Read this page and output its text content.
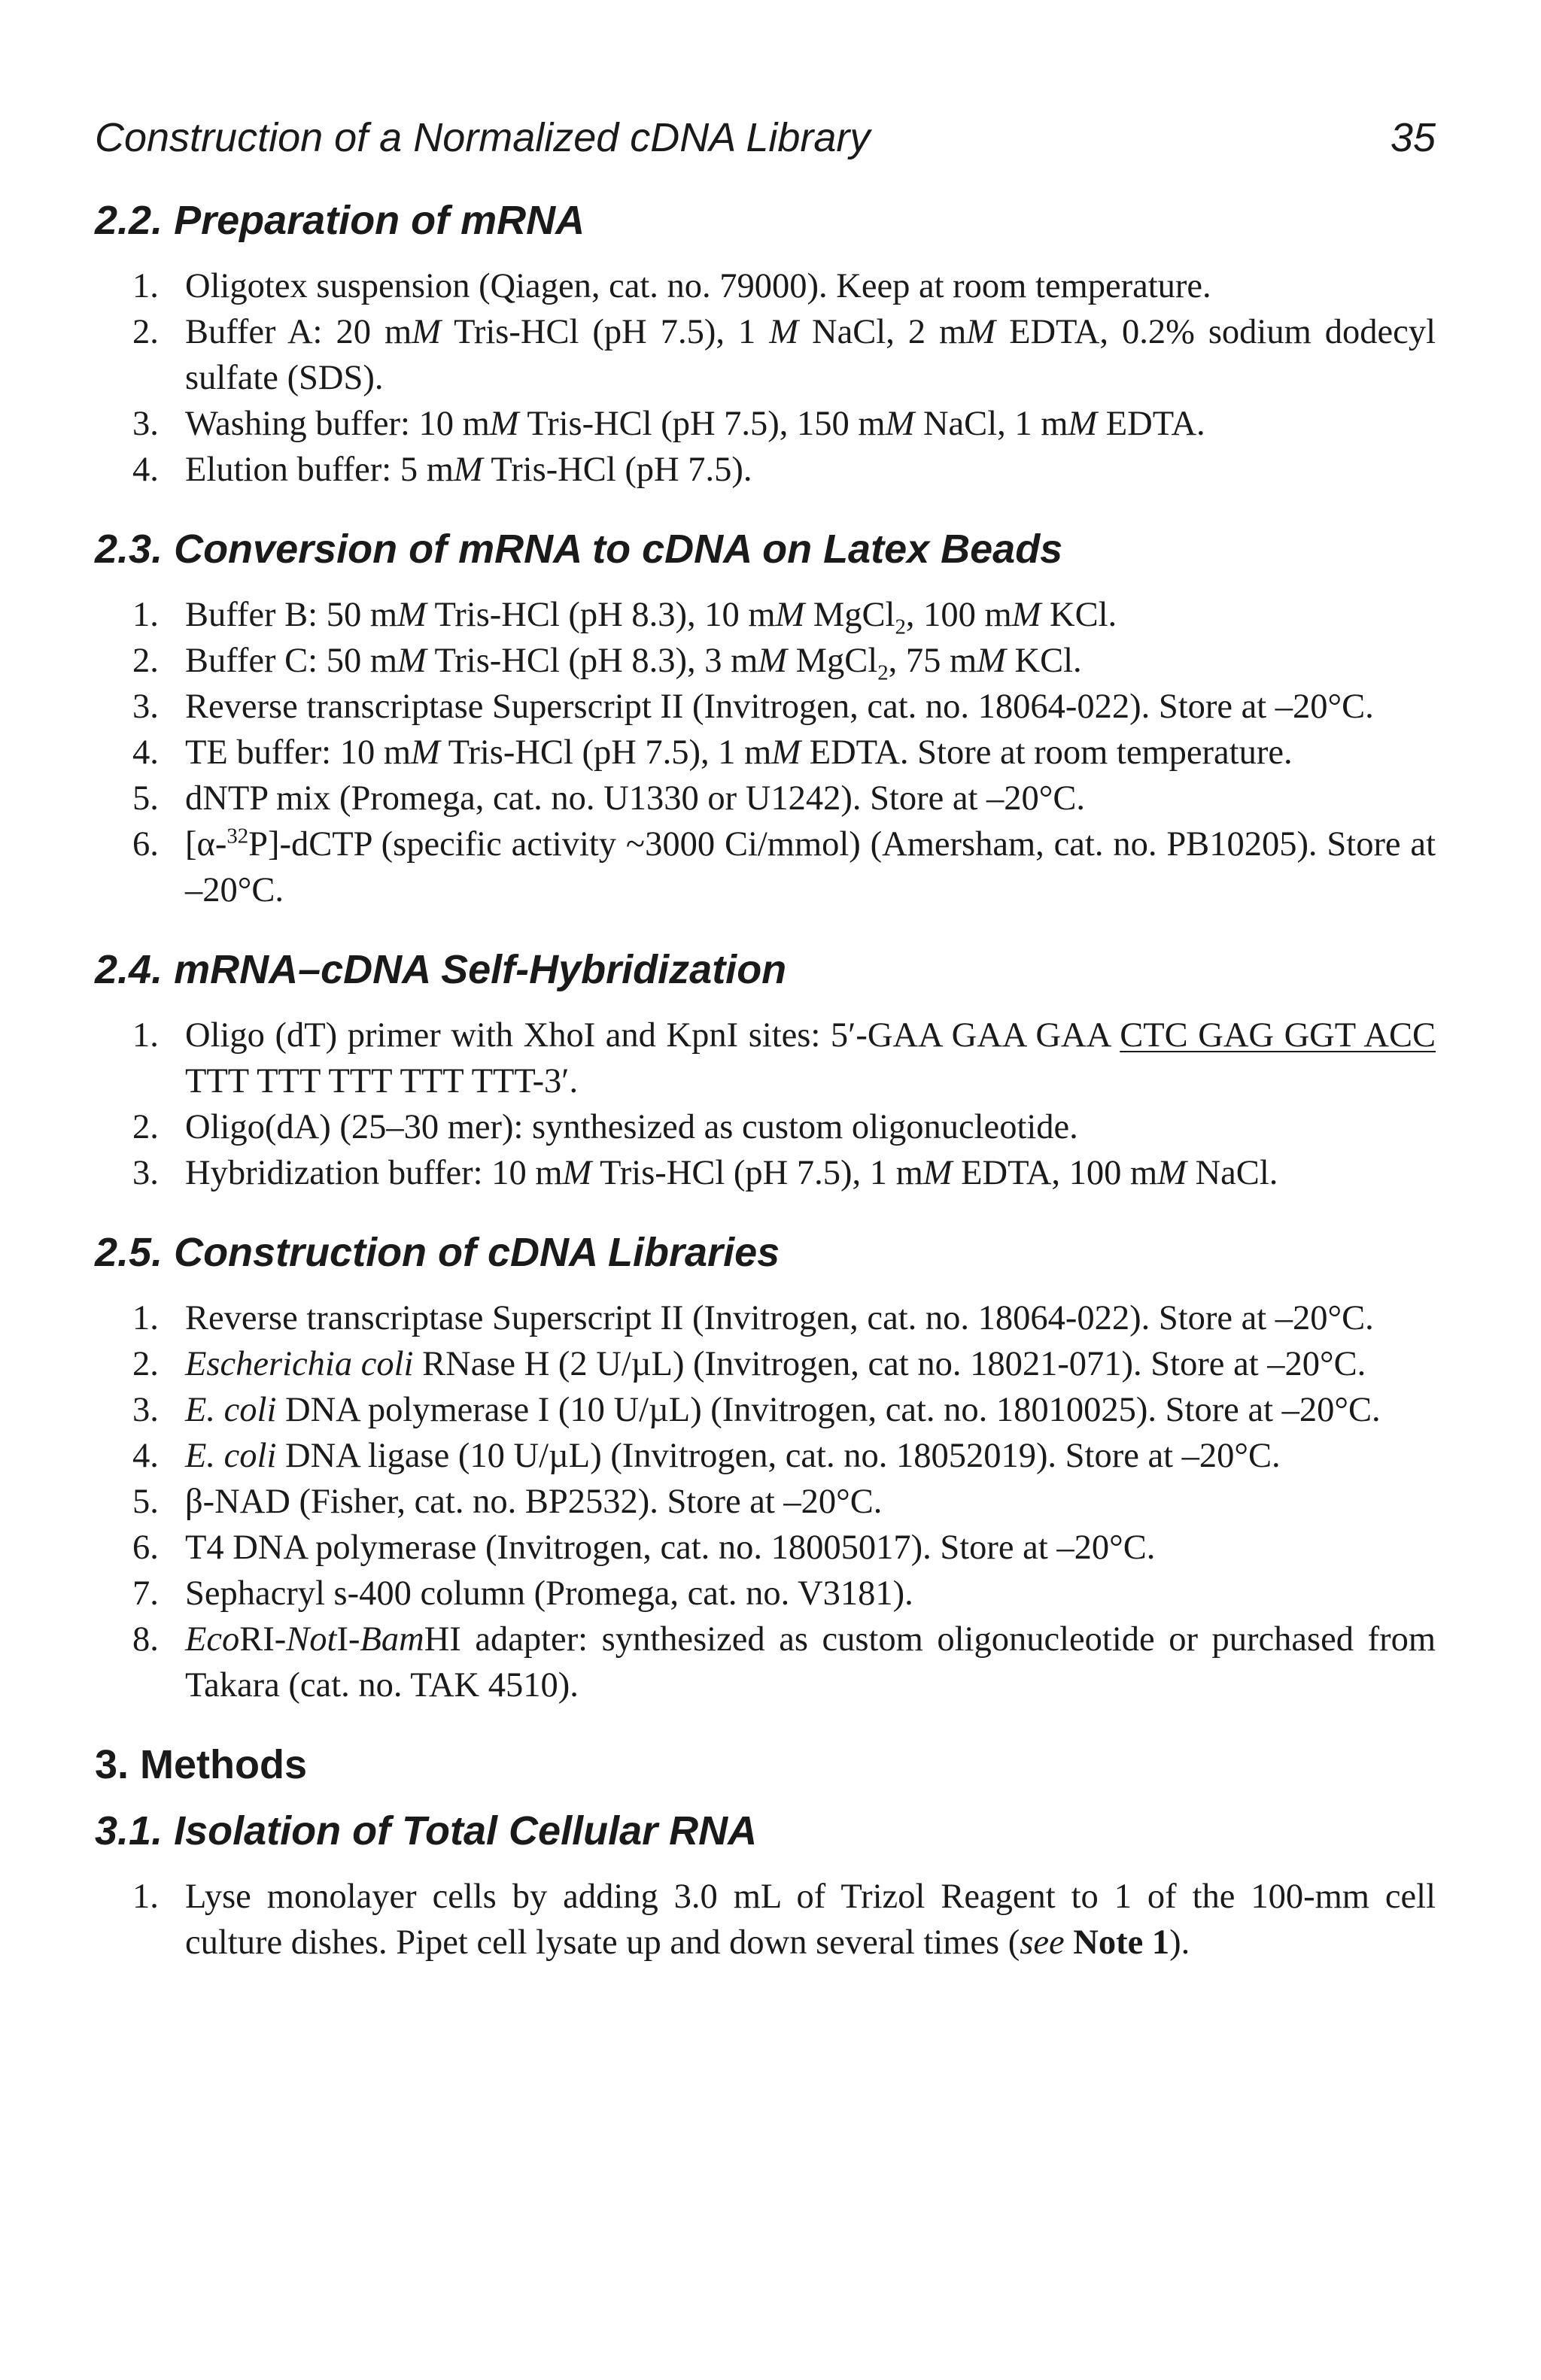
Construction of a Normalized cDNA Library	35
2.2. Preparation of mRNA
1. Oligotex suspension (Qiagen, cat. no. 79000). Keep at room temperature.
2. Buffer A: 20 mM Tris-HCl (pH 7.5), 1 M NaCl, 2 mM EDTA, 0.2% sodium dodecyl sulfate (SDS).
3. Washing buffer: 10 mM Tris-HCl (pH 7.5), 150 mM NaCl, 1 mM EDTA.
4. Elution buffer: 5 mM Tris-HCl (pH 7.5).
2.3. Conversion of mRNA to cDNA on Latex Beads
1. Buffer B: 50 mM Tris-HCl (pH 8.3), 10 mM MgCl$_2$, 100 mM KCl.
2. Buffer C: 50 mM Tris-HCl (pH 8.3), 3 mM MgCl$_2$, 75 mM KCl.
3. Reverse transcriptase Superscript II (Invitrogen, cat. no. 18064-022). Store at –20°C.
4. TE buffer: 10 mM Tris-HCl (pH 7.5), 1 mM EDTA. Store at room temperature.
5. dNTP mix (Promega, cat. no. U1330 or U1242). Store at –20°C.
6. [α-$^{32}$P]-dCTP (specific activity ~3000 Ci/mmol) (Amersham, cat. no. PB10205). Store at –20°C.
2.4. mRNA–cDNA Self-Hybridization
1. Oligo (dT) primer with XhoI and KpnI sites: 5′-GAA GAA GAA CTC GAG GGT ACC TTT TTT TTT TTT TTT-3′.
2. Oligo(dA) (25–30 mer): synthesized as custom oligonucleotide.
3. Hybridization buffer: 10 mM Tris-HCl (pH 7.5), 1 mM EDTA, 100 mM NaCl.
2.5. Construction of cDNA Libraries
1. Reverse transcriptase Superscript II (Invitrogen, cat. no. 18064-022). Store at –20°C.
2. Escherichia coli RNase H (2 U/µL) (Invitrogen, cat no. 18021-071). Store at –20°C.
3. E. coli DNA polymerase I (10 U/µL) (Invitrogen, cat. no. 18010025). Store at –20°C.
4. E. coli DNA ligase (10 U/µL) (Invitrogen, cat. no. 18052019). Store at –20°C.
5. β-NAD (Fisher, cat. no. BP2532). Store at –20°C.
6. T4 DNA polymerase (Invitrogen, cat. no. 18005017). Store at –20°C.
7. Sephacryl s-400 column (Promega, cat. no. V3181).
8. EcoRI-NotI-BamHI adapter: synthesized as custom oligonucleotide or purchased from Takara (cat. no. TAK 4510).
3. Methods
3.1. Isolation of Total Cellular RNA
1. Lyse monolayer cells by adding 3.0 mL of Trizol Reagent to 1 of the 100-mm cell culture dishes. Pipet cell lysate up and down several times (see Note 1).
